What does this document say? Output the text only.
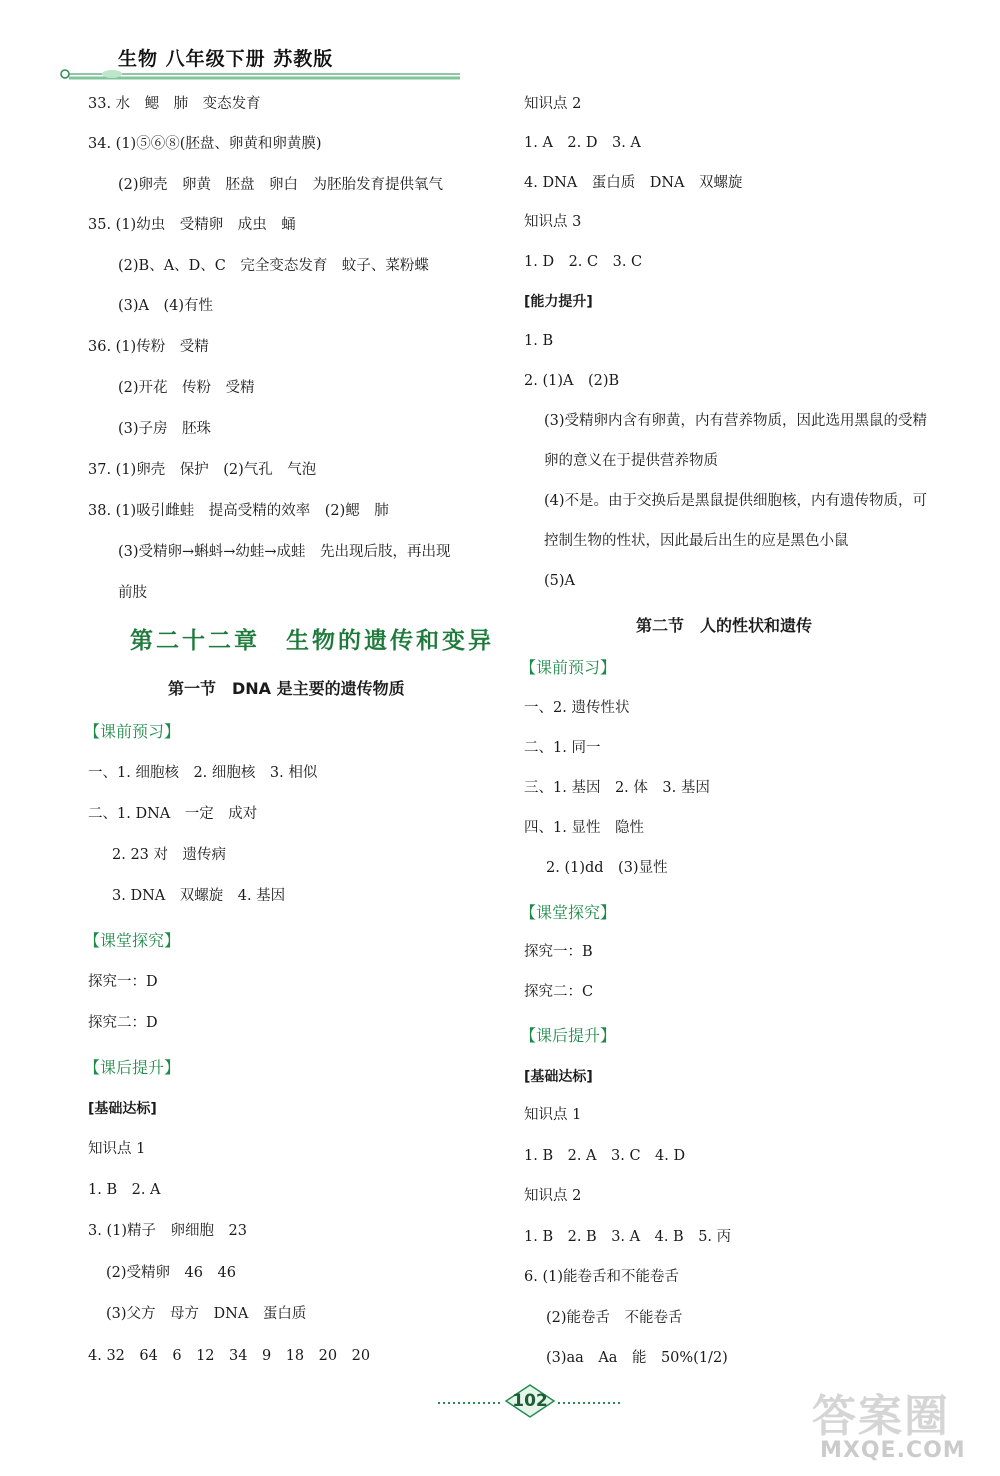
生物 八年级下册 苏教版
33. 水　鳃　肺　变态发育
34. (1)⑤⑥⑧(胚盘、卵黄和卵黄膜)
(2)卵壳　卵黄　胚盘　卵白　为胚胎发育提供氧气
35. (1)幼虫　受精卵　成虫　蛹
(2)B、A、D、C　完全变态发育　蚊子、菜粉蝶
(3)A　(4)有性
36. (1)传粉　受精
(2)开花　传粉　受精
(3)子房　胚珠
37. (1)卵壳　保护　(2)气孔　气泡
38. (1)吸引雌蛙　提高受精的效率　(2)鳃　肺
(3)受精卵→蝌蚪→幼蛙→成蛙　先出现后肢，再出现
前肢
第二十二章　生物的遗传和变异
第一节　DNA 是主要的遗传物质
【课前预习】
一、1. 细胞核　2. 细胞核　3. 相似
二、1. DNA　一定　成对
2. 23 对　遗传病
3. DNA　双螺旋　4. 基因
【课堂探究】
探究一：D
探究二：D
【课后提升】
[基础达标]
知识点 1
1. B　2. A
3. (1)精子　卵细胞　23
(2)受精卵　46　46
(3)父方　母方　DNA　蛋白质
4. 32　64　6　12　34　9　18　20　20
知识点 2
1. A　2. D　3. A
4. DNA　蛋白质　DNA　双螺旋
知识点 3
1. D　2. C　3. C
[能力提升]
1. B
2. (1)A　(2)B
(3)受精卵内含有卵黄，内有营养物质，因此选用黑鼠的受精
卵的意义在于提供营养物质
(4)不是。由于交换后是黑鼠提供细胞核，内有遗传物质，可
控制生物的性状，因此最后出生的应是黑色小鼠
(5)A
第二节　人的性状和遗传
【课前预习】
一、2. 遗传性状
二、1. 同一
三、1. 基因　2. 体　3. 基因
四、1. 显性　隐性
2. (1)dd　(3)显性
【课堂探究】
探究一：B
探究二：C
【课后提升】
[基础达标]
知识点 1
1. B　2. A　3. C　4. D
知识点 2
1. B　2. B　3. A　4. B　5. 丙
6. (1)能卷舌和不能卷舌
(2)能卷舌　不能卷舌
(3)aa　Aa　能　50%(1/2)
102	答案圈
MXQE.COM
